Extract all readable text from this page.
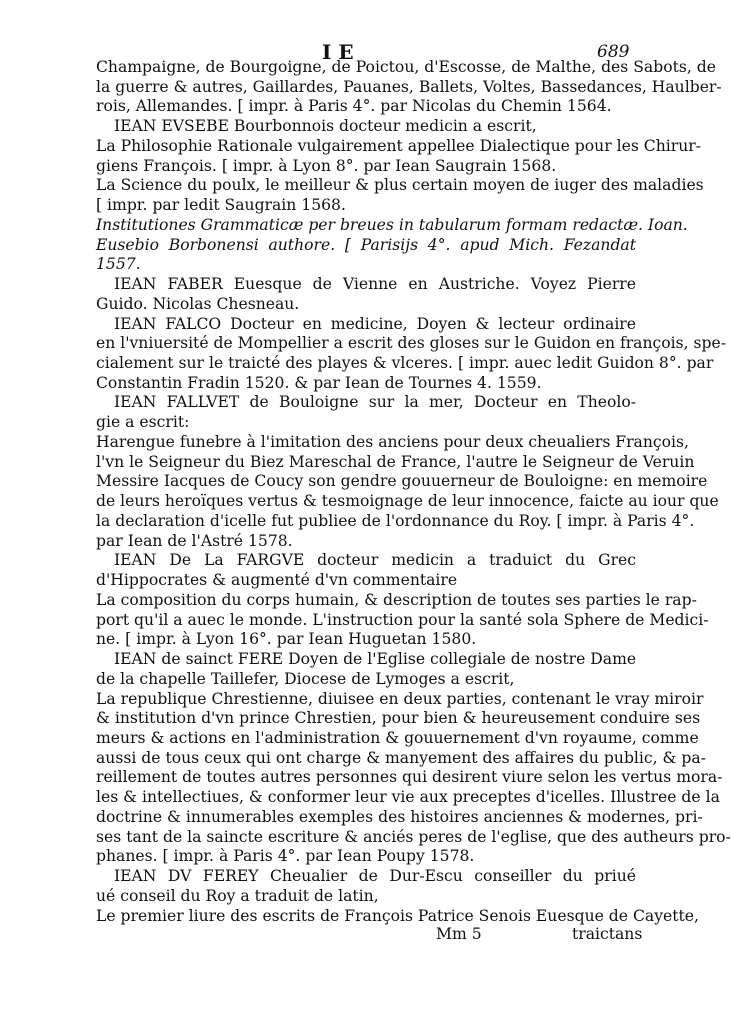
I E	689
Champaigne, de Bourgoigne, de Poictou, d'Escosse, de Malthe, des Sabots, de
la guerre & autres, Gaillardes, Pauanes, Ballets, Voltes, Bassedances, Haulber-
rois, Allemandes. [ impr. à Paris 4°. par Nicolas du Chemin 1564.
IEAN EVSEBE Bourbonnois docteur medicin a escrit,
La Philosophie Rationale vulgairement appellee Dialectique pour les Chirur-
giens François. [ impr. à Lyon 8°. par Iean Saugrain 1568.
La Science du poulx, le meilleur & plus certain moyen de iuger des maladies
[ impr. par ledit Saugrain 1568.
Institutiones Grammaticæ per breues in tabularum formam redactæ. Ioan.
Eusebio Borbonensi authore. [ Parisijs 4°. apud Mich. Fezandat
1557.
IEAN FABER Euesque de Vienne en Austriche. Voyez Pierre
Guido. Nicolas Chesneau.
IEAN FALCO Docteur en medicine, Doyen & lecteur ordinaire
en l'vniuersité de Mompellier a escrit des gloses sur le Guidon en françois, spe-
cialement sur le traicté des playes & vlceres. [ impr. auec ledit Guidon 8°. par
Constantin Fradin 1520. & par Iean de Tournes 4. 1559.
IEAN FALLVET de Bouloigne sur la mer, Docteur en Theolo-
gie a escrit:
Harengue funebre à l'imitation des anciens pour deux cheualiers François,
l'vn le Seigneur du Biez Mareschal de France, l'autre le Seigneur de Veruin
Messire Iacques de Coucy son gendre gouuerneur de Bouloigne: en memoire
de leurs heroïques vertus & tesmoignage de leur innocence, faicte au iour que
la declaration d'icelle fut publiee de l'ordonnance du Roy. [ impr. à Paris 4°.
par Iean de l'Astré 1578.
IEAN De La FARGVE docteur medicin a traduict du Grec
d'Hippocrates & augmenté d'vn commentaire
La composition du corps humain, & description de toutes ses parties le rap-
port qu'il a auec le monde. L'instruction pour la santé sola Sphere de Medici-
ne. [ impr. à Lyon 16°. par Iean Huguetan 1580.
IEAN de sainct FERE Doyen de l'Eglise collegiale de nostre Dame
de la chapelle Taillefer, Diocese de Lymoges a escrit,
La republique Chrestienne, diuisee en deux parties, contenant le vray miroir
& institution d'vn prince Chrestien, pour bien & heureusement conduire ses
meurs & actions en l'administration & gouuernement d'vn royaume, comme
aussi de tous ceux qui ont charge & manyement des affaires du public, & pa-
reillement de toutes autres personnes qui desirent viure selon les vertus mora-
les & intellectiues, & conformer leur vie aux preceptes d'icelles. Illustree de la
doctrine & innumerables exemples des histoires anciennes & modernes, pri-
ses tant de la saincte escriture & anciés peres de l'eglise, que des autheurs pro-
phanes. [ impr. à Paris 4°. par Iean Poupy 1578.
IEAN DV FEREY Cheualier de Dur-Escu conseiller du priué
ué conseil du Roy a traduit de latin,
Le premier liure des escrits de François Patrice Senois Euesque de Cayette,
Mm 5	traictans
